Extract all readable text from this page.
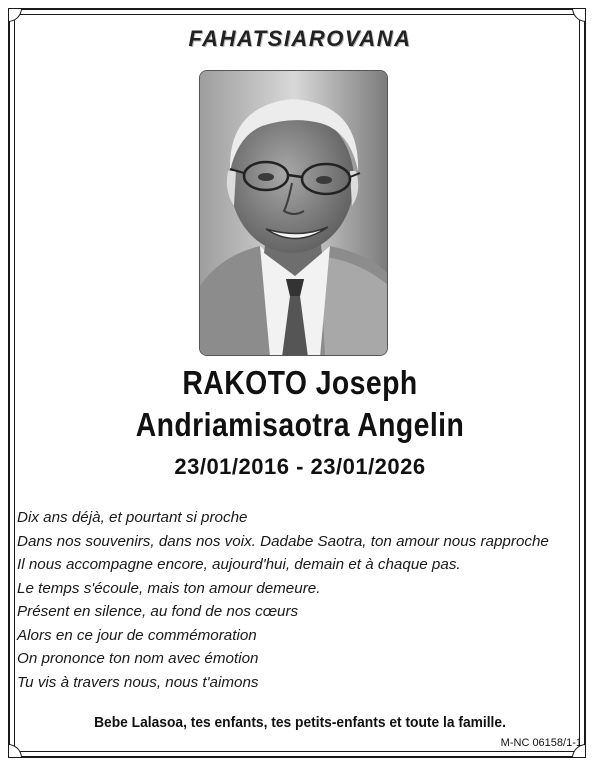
FAHATSIAROVANA
RAKOTO Joseph
Andriamisaotra Angelin
23/01/2016 - 23/01/2026
Dix ans déjà, et pourtant si proche
Dans nos souvenirs, dans nos voix. Dadabe Saotra, ton amour nous rapproche
Il nous accompagne encore, aujourd'hui, demain et à chaque pas.
Le temps s'écoule, mais ton amour demeure.
Présent en silence, au fond de nos cœurs
Alors en ce jour de commémoration
On prononce ton nom avec émotion
Tu vis à travers nous, nous t'aimons
Bebe Lalasoa, tes enfants, tes petits-enfants et toute la famille.
M-NC 06158/1-1
